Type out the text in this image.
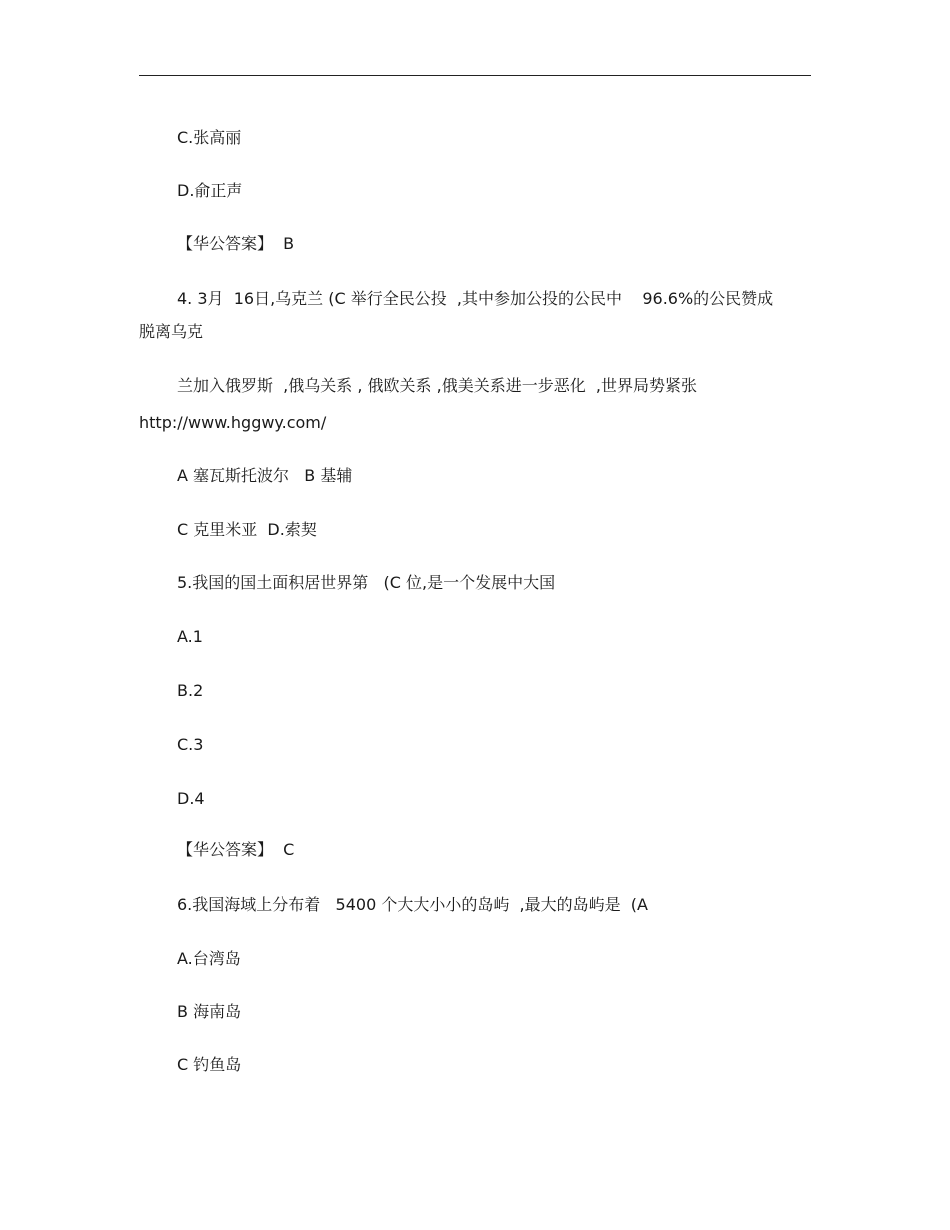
C.张高丽
D.俞正声
【华公答案】  B
4. 3月  16日,乌克兰 (C 举行全民公投  ,其中参加公投的公民中    96.6%的公民赞成
脱离乌克
兰加入俄罗斯  ,俄乌关系 , 俄欧关系 ,俄美关系进一步恶化  ,世界局势紧张
http://www.hggwy.com/
A 塞瓦斯托波尔   B 基辅
C 克里米亚  D.索契
5.我国的国土面积居世界第   (C 位,是一个发展中大国
A.1
B.2
C.3
D.4
【华公答案】  C
6.我国海域上分布着   5400 个大大小小的岛屿  ,最大的岛屿是  (A
A.台湾岛
B 海南岛
C 钓鱼岛
